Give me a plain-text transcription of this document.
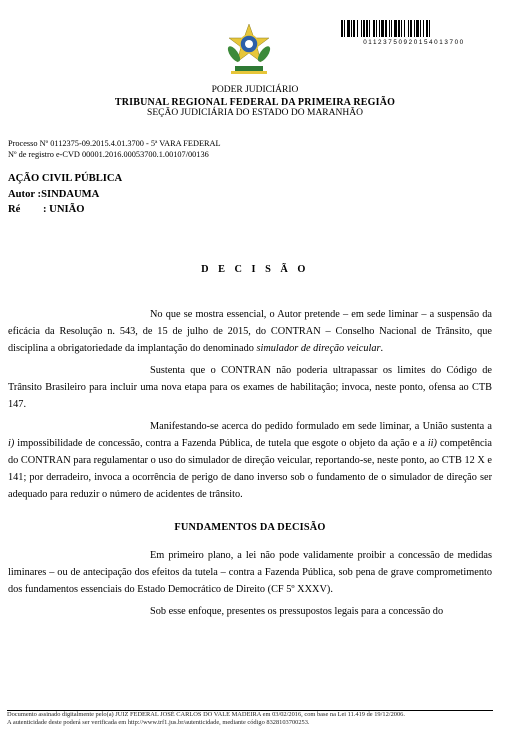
01123750920154013700
PODER JUDICIÁRIO
TRIBUNAL REGIONAL FEDERAL DA PRIMEIRA REGIÃO
SEÇÃO JUDICIÁRIA DO ESTADO DO MARANHÃO
Processo Nº 0112375-09.2015.4.01.3700 - 5ª VARA FEDERAL
Nº de registro e-CVD 00001.2016.00053700.1.00107/00136
AÇÃO CIVIL PÚBLICA
Autor :SINDAUMA
Ré : UNIÃO
D E C I S Ã O

No que se mostra essencial, o Autor pretende – em sede liminar – a suspensão da eficácia da Resolução n. 543, de 15 de julho de 2015, do CONTRAN – Conselho Nacional de Trânsito, que disciplina a obrigatoriedade da implantação do denominado simulador de direção veicular.

Sustenta que o CONTRAN não poderia ultrapassar os limites do Código de Trânsito Brasileiro para incluir uma nova etapa para os exames de habilitação; invoca, neste ponto, ofensa ao CTB 147.

Manifestando-se acerca do pedido formulado em sede liminar, a União sustenta a i) impossibilidade de concessão, contra a Fazenda Pública, de tutela que esgote o objeto da ação e a ii) competência do CONTRAN para regulamentar o uso do simulador de direção veicular, reportando-se, neste ponto, ao CTB 12 X e 141; por derradeiro, invoca a ocorrência de perigo de dano inverso sob o fundamento de o simulador de direção ser adequado para reduzir o número de acidentes de trânsito.

FUNDAMENTOS DA DECISÃO

Em primeiro plano, a lei não pode validamente proibir a concessão de medidas liminares – ou de antecipação dos efeitos da tutela – contra a Fazenda Pública, sob pena de grave comprometimento dos fundamentos essenciais do Estado Democrático de Direito (CF 5º XXXV).

Sob esse enfoque, presentes os pressupostos legais para a concessão do

Documento assinado digitalmente pelo(a) JUIZ FEDERAL JOSÉ CARLOS DO VALE MADEIRA em 03/02/2016, com base na Lei 11.419 de 19/12/2006.
A autenticidade deste poderá ser verificada em http://www.trf1.jus.br/autenticidade, mediante código 8328103700253.
